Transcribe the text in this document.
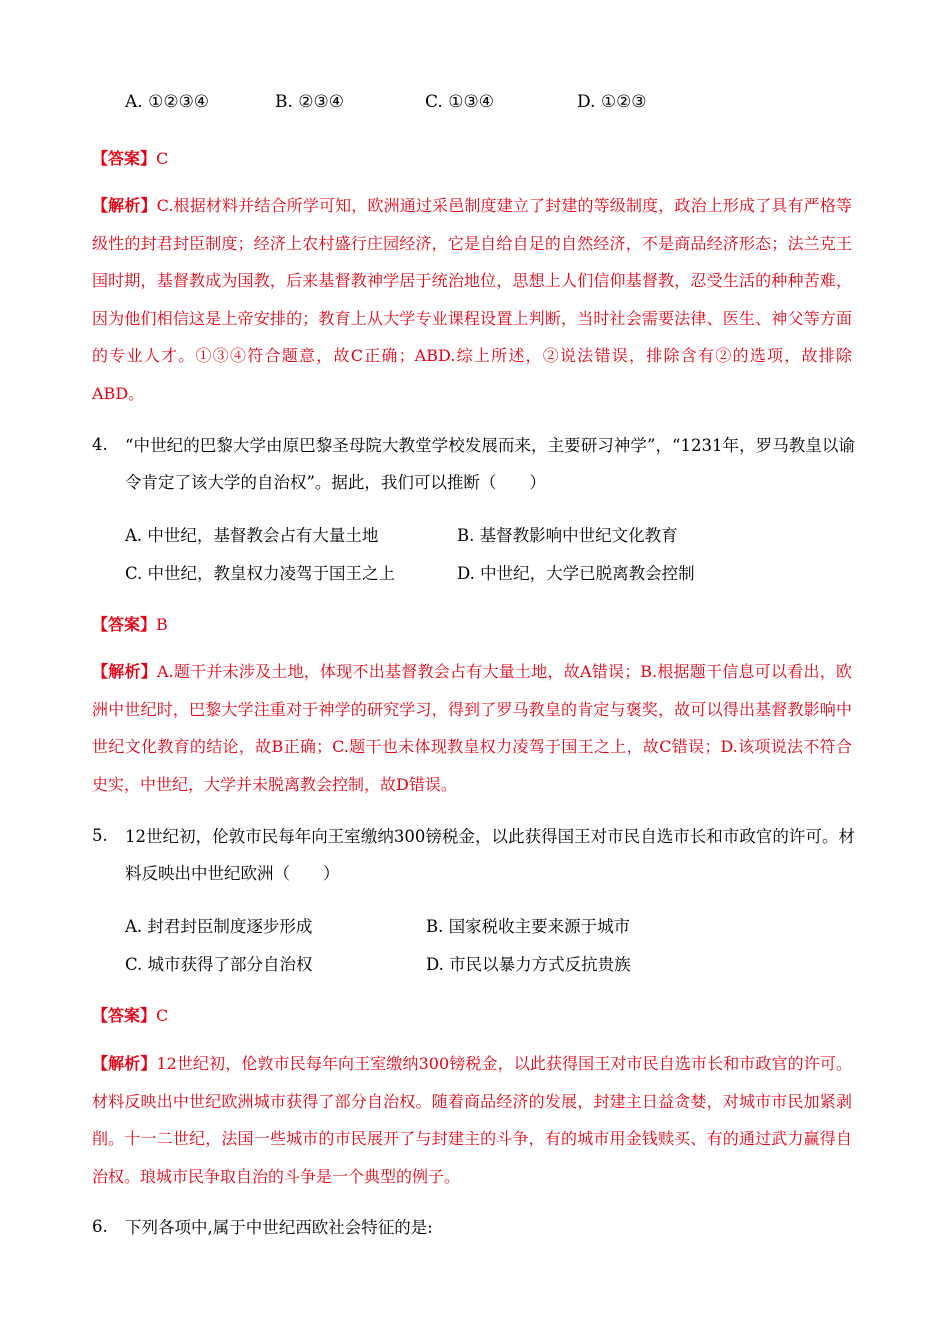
A. ①②③④	B. ②③④	C. ①③④	D. ①②③
【答案】C
【解析】C.根据材料并结合所学可知，欧洲通过采邑制度建立了封建的等级制度，政治上形成了具有严格等级性的封君封臣制度；经济上农村盛行庄园经济，它是自给自足的自然经济，不是商品经济形态；法兰克王国时期，基督教成为国教，后来基督教神学居于统治地位，思想上人们信仰基督教，忍受生活的种种苦难，因为他们相信这是上帝安排的；教育上从大学专业课程设置上判断，当时社会需要法律、医生、神父等方面的专业人才。①③④符合题意，故C正确；ABD.综上所述，②说法错误，排除含有②的选项，故排除ABD。
4. “中世纪的巴黎大学由原巴黎圣母院大教堂学校发展而来，主要研习神学”，“1231年，罗马教皇以谕令肯定了该大学的自治权”。据此，我们可以推断（　　）
A. 中世纪，基督教会占有大量土地	B. 基督教影响中世纪文化教育
C. 中世纪，教皇权力凌驾于国王之上	D. 中世纪，大学已脱离教会控制
【答案】B
【解析】A.题干并未涉及土地，体现不出基督教会占有大量土地，故A错误；B.根据题干信息可以看出，欧洲中世纪时，巴黎大学注重对于神学的研究学习，得到了罗马教皇的肯定与褒奖，故可以得出基督教影响中世纪文化教育的结论，故B正确；C.题干也未体现教皇权力凌驾于国王之上，故C错误；D.该项说法不符合史实，中世纪，大学并未脱离教会控制，故D错误。
5. 12世纪初，伦敦市民每年向王室缴纳300镑税金，以此获得国王对市民自选市长和市政官的许可。材料反映出中世纪欧洲（　　）
A. 封君封臣制度逐步形成	B. 国家税收主要来源于城市
C. 城市获得了部分自治权	D. 市民以暴力方式反抗贵族
【答案】C
【解析】12世纪初，伦敦市民每年向王室缴纳300镑税金，以此获得国王对市民自选市长和市政官的许可。材料反映出中世纪欧洲城市获得了部分自治权。随着商品经济的发展，封建主日益贪婪，对城市市民加紧剥削。十一二世纪，法国一些城市的市民展开了与封建主的斗争，有的城市用金钱赎买、有的通过武力赢得自治权。琅城市民争取自治的斗争是一个典型的例子。
6. 下列各项中,属于中世纪西欧社会特征的是:
